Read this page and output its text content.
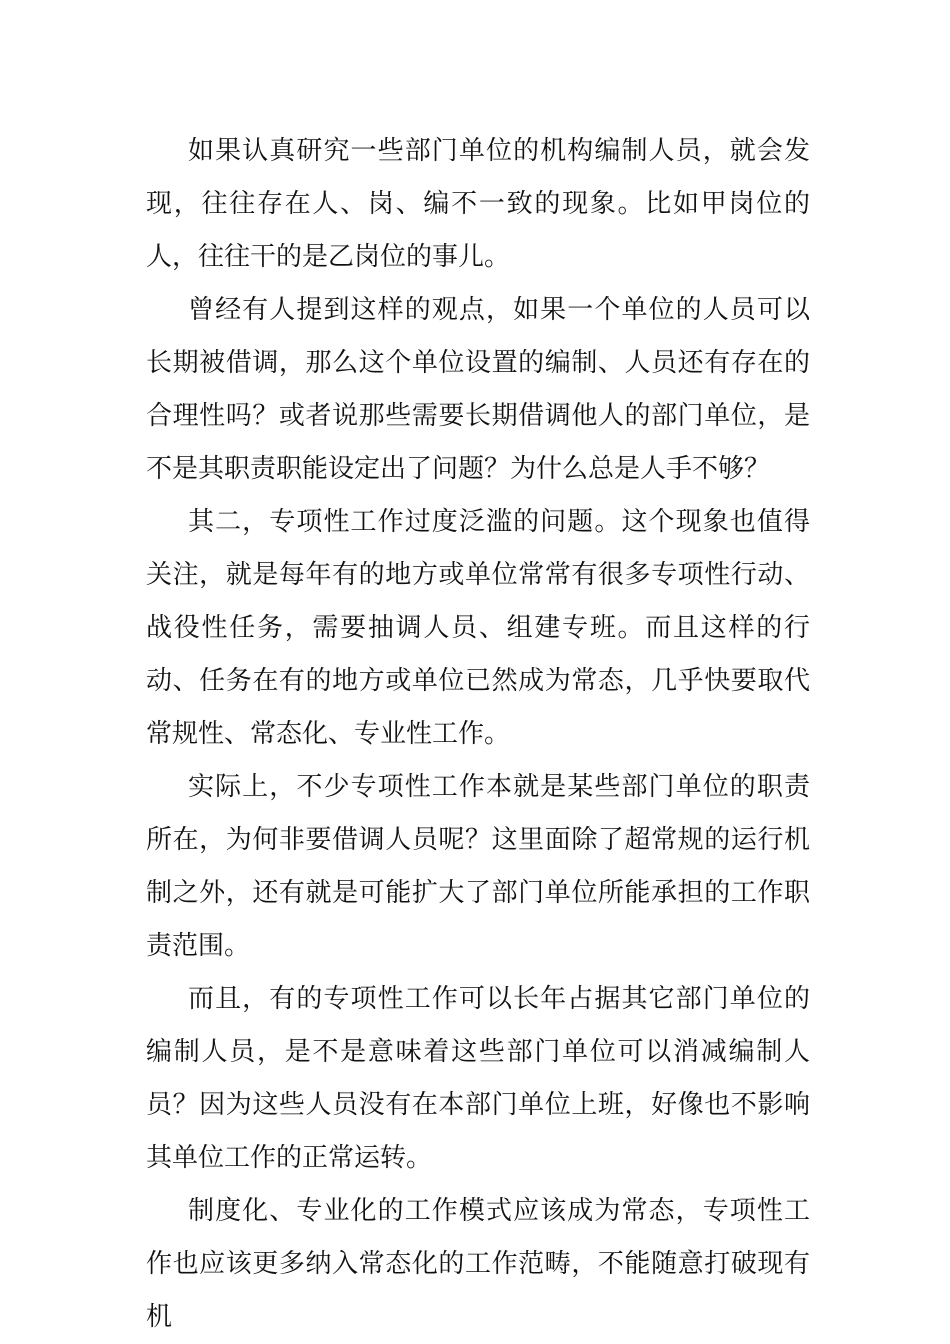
如果认真研究一些部门单位的机构编制人员，就会发现，往往存在人、岗、编不一致的现象。比如甲岗位的人，往往干的是乙岗位的事儿。

曾经有人提到这样的观点，如果一个单位的人员可以长期被借调，那么这个单位设置的编制、人员还有存在的合理性吗？或者说那些需要长期借调他人的部门单位，是不是其职责职能设定出了问题？为什么总是人手不够？

其二，专项性工作过度泛滥的问题。这个现象也值得关注，就是每年有的地方或单位常常有很多专项性行动、战役性任务，需要抽调人员、组建专班。而且这样的行动、任务在有的地方或单位已然成为常态，几乎快要取代常规性、常态化、专业性工作。

实际上，不少专项性工作本就是某些部门单位的职责所在，为何非要借调人员呢？这里面除了超常规的运行机制之外，还有就是可能扩大了部门单位所能承担的工作职责范围。

而且，有的专项性工作可以长年占据其它部门单位的编制人员，是不是意味着这些部门单位可以消减编制人员？因为这些人员没有在本部门单位上班，好像也不影响其单位工作的正常运转。

制度化、专业化的工作模式应该成为常态，专项性工作也应该更多纳入常态化的工作范畴，不能随意打破现有机
